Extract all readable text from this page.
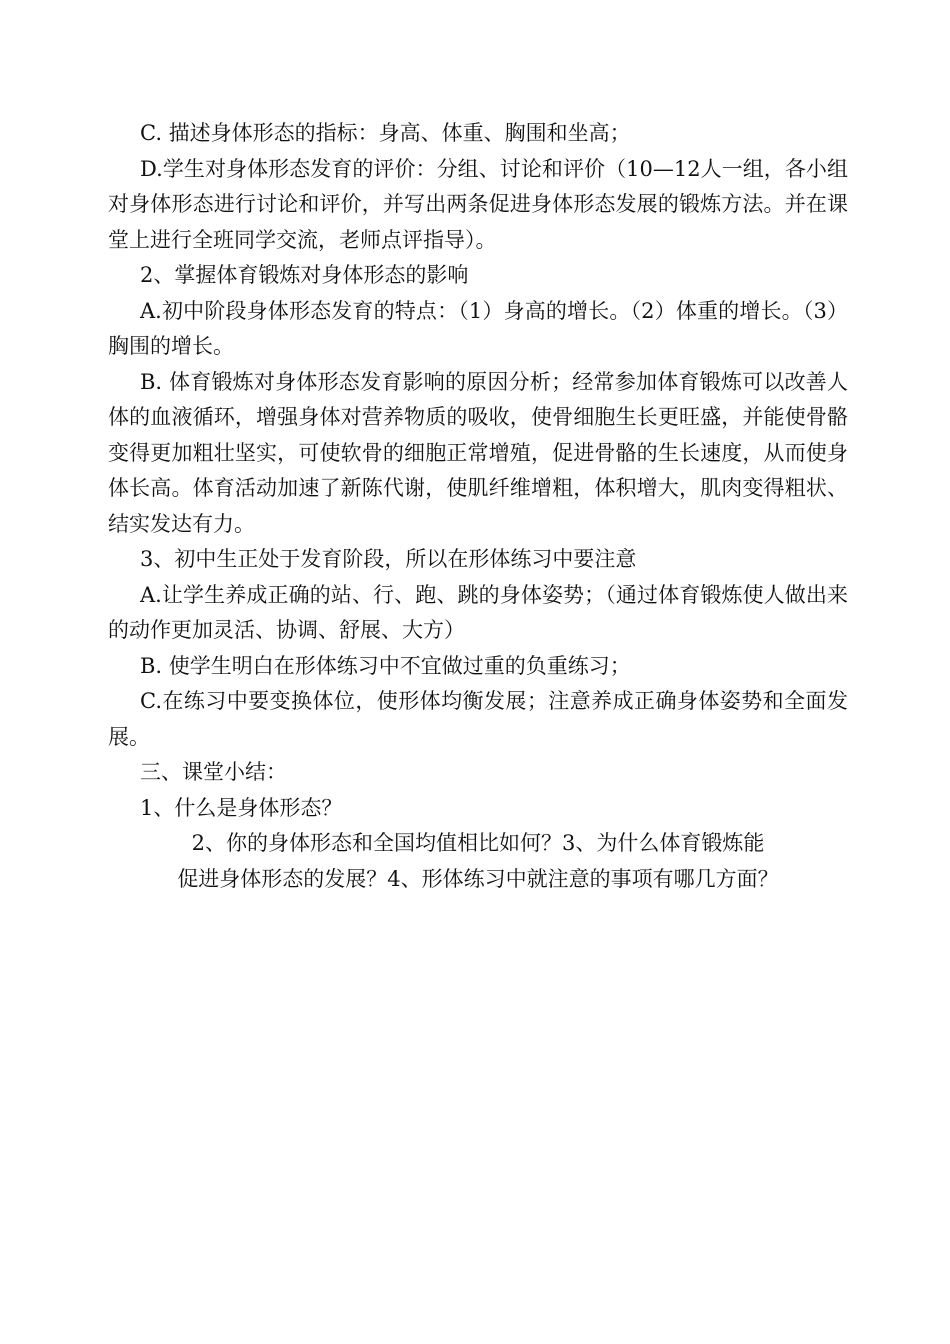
C. 描述身体形态的指标：身高、体重、胸围和坐高；

D.学生对身体形态发育的评价：分组、讨论和评价（10—12人一组，各小组对身体形态进行讨论和评价，并写出两条促进身体形态发展的锻炼方法。并在课堂上进行全班同学交流，老师点评指导）。

2、掌握体育锻炼对身体形态的影响

A.初中阶段身体形态发育的特点：（1）身高的增长。（2）体重的增长。（3）胸围的增长。

B. 体育锻炼对身体形态发育影响的原因分析；经常参加体育锻炼可以改善人体的血液循环，增强身体对营养物质的吸收，使骨细胞生长更旺盛，并能使骨骼变得更加粗壮坚实，可使软骨的细胞正常增殖，促进骨骼的生长速度，从而使身体长高。体育活动加速了新陈代谢，使肌纤维增粗，体积增大，肌肉变得粗状、结实发达有力。

3、初中生正处于发育阶段，所以在形体练习中要注意

A.让学生养成正确的站、行、跑、跳的身体姿势；（通过体育锻炼使人做出来的动作更加灵活、协调、舒展、大方）

B. 使学生明白在形体练习中不宜做过重的负重练习；

C.在练习中要变换体位，使形体均衡发展；注意养成正确身体姿势和全面发展。

三、课堂小结：

1、什么是身体形态？

2、你的身体形态和全国均值相比如何？3、为什么体育锻炼能

促进身体形态的发展？4、形体练习中就注意的事项有哪几方面？
